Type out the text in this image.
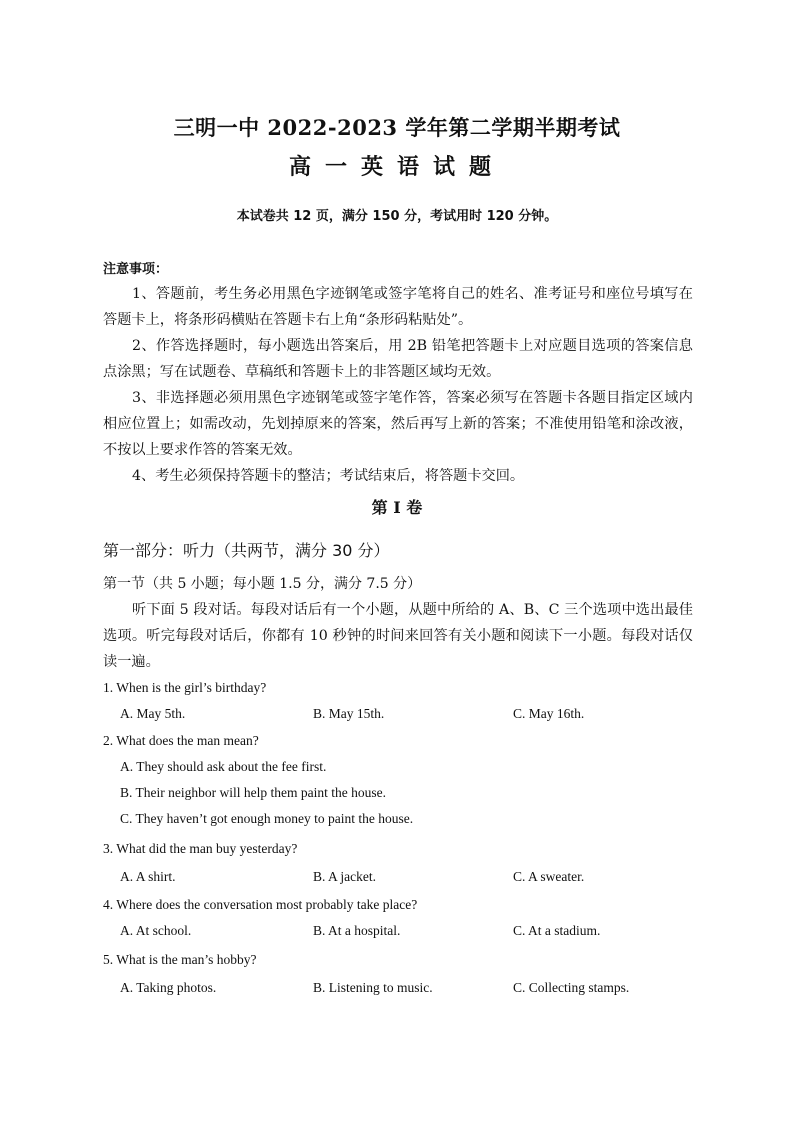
三明一中 2022-2023 学年第二学期半期考试
高一英语试题
本试卷共 12 页，满分 150 分，考试用时 120 分钟。
注意事项：
1、答题前，考生务必用黑色字迹钢笔或签字笔将自己的姓名、准考证号和座位号填写在答题卡上，将条形码横贴在答题卡右上角“条形码粘贴处”。
2、作答选择题时，每小题选出答案后，用 2B 铅笔把答题卡上对应题目选项的答案信息点涂黑；写在试题卷、草稿纸和答题卡上的非答题区域均无效。
3、非选择题必须用黑色字迹钢笔或签字笔作答，答案必须写在答题卡各题目指定区域内相应位置上；如需改动，先划掉原来的答案，然后再写上新的答案；不准使用铅笔和涂改液，不按以上要求作答的答案无效。
4、考生必须保持答题卡的整洁；考试结束后，将答题卡交回。
第 I 卷
第一部分：听力（共两节，满分 30 分）
第一节（共 5 小题；每小题 1.5 分，满分 7.5 分）
听下面 5 段对话。每段对话后有一个小题，从题中所给的 A、B、C 三个选项中选出最佳选项。听完每段对话后，你都有 10 秒钟的时间来回答有关小题和阅读下一小题。每段对话仅读一遍。
1. When is the girl’s birthday?
A. May 5th.	B. May 15th.	C. May 16th.
2. What does the man mean?
A. They should ask about the fee first.
B. Their neighbor will help them paint the house.
C. They haven’t got enough money to paint the house.
3. What did the man buy yesterday?
A. A shirt.	B. A jacket.	C. A sweater.
4. Where does the conversation most probably take place?
A. At school.	B. At a hospital.	C. At a stadium.
5. What is the man’s hobby?
A. Taking photos.	B. Listening to music.	C. Collecting stamps.
